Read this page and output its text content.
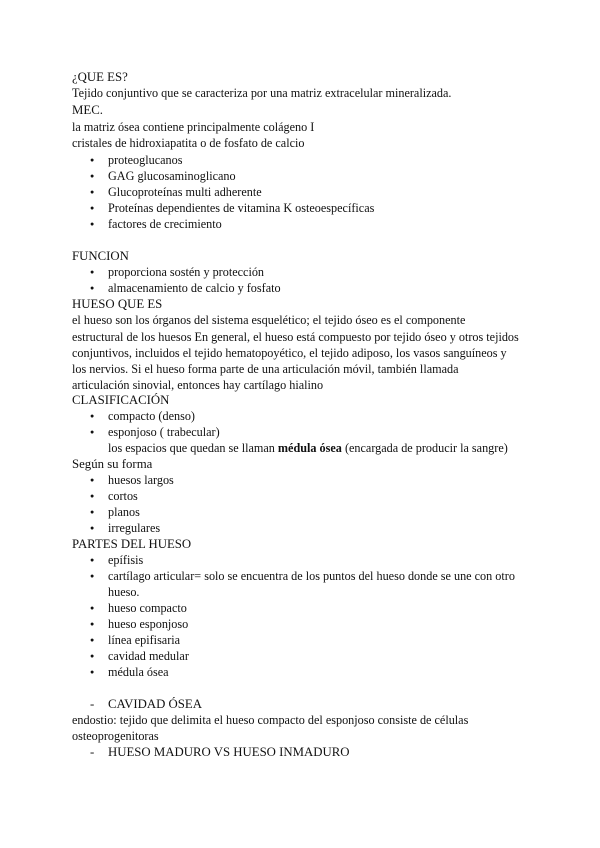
¿QUE ES?
Tejido conjuntivo que se caracteriza por una matriz extracelular mineralizada.
MEC.
la matriz ósea contiene principalmente colágeno I
cristales de hidroxiapatita o de fosfato de calcio
● proteoglucanos
● GAG glucosaminoglicano
● Glucoproteínas multi adherente
● Proteínas dependientes de vitamina K osteoespecíficas
● factores de crecimiento
FUNCION
● proporciona sostén y protección
● almacenamiento de calcio y fosfato
HUESO QUE ES
el hueso son los órganos del sistema esquelético; el tejido óseo es el componente
estructural de los huesos En general, el hueso está compuesto por tejido óseo y otros tejidos
conjuntivos, incluidos el tejido hematopoyético, el tejido adiposo, los vasos sanguíneos y
los nervios. Si el hueso forma parte de una articulación móvil, también llamada
articulación sinovial, entonces hay cartílago hialino
CLASIFICACIÓN
● compacto (denso)
● esponjoso ( trabecular)
los espacios que quedan se llaman médula ósea (encargada de producir la sangre)
Según su forma
● huesos largos
● cortos
● planos
● irregulares
PARTES DEL HUESO
● epífisis
● cartílago articular= solo se encuentra de los puntos del hueso donde se une con otro
hueso.
● hueso compacto
● hueso esponjoso
● línea epifisaria
● cavidad medular
● médula ósea
- CAVIDAD ÓSEA
endostio: tejido que delimita el hueso compacto del esponjoso consiste de células
osteoprogenitoras
- HUESO MADURO VS HUESO INMADURO
